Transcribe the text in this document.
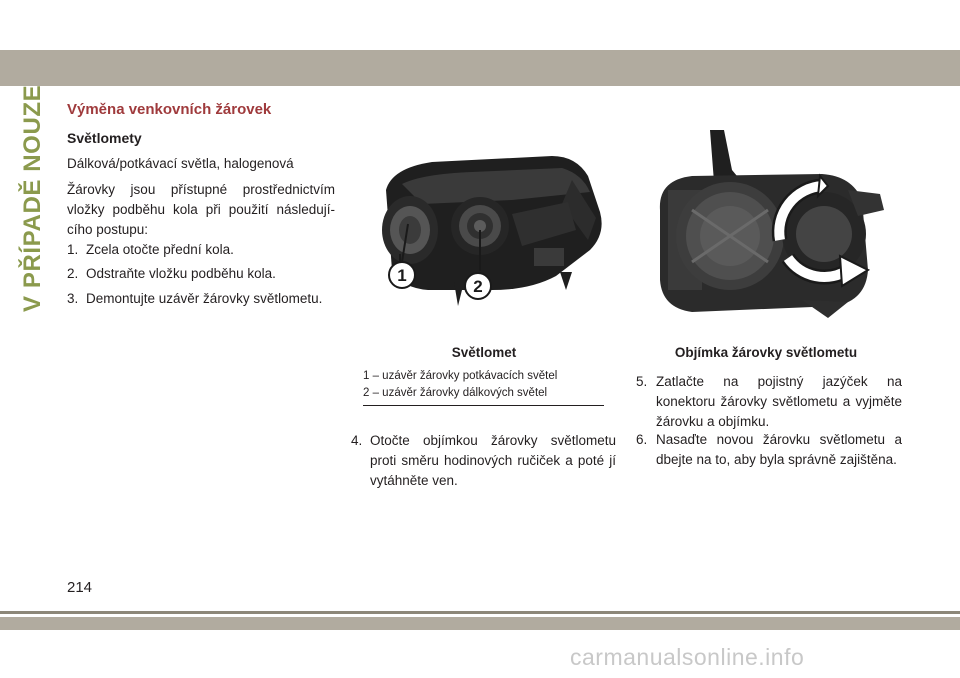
V PŘÍPADĚ NOUZE Výměna venkovních žárovek
Světlomety
Dálková/potkávací světla, halogenová
Žárovky jsou přístupné prostřednictvím vložky podběhu kola při použití následují-cího postupu:
1. Zcela otočte přední kola.
2. Odstraňte vložku podběhu kola.
3. Demontujte uzávěr žárovky světlometu.
1
2
Světlomet	Objímka žárovky světlometu
1 – uzávěr žárovky potkávacích světel
2 – uzávěr žárovky dálkových světel
4. Otočte objímkou žárovky světlometu proti směru hodinových ručiček a poté jí vytáhněte ven.
5. Zatlačte na pojistný jazýček na konektoru žárovky světlometu a vyjměte žárovku a objímku.
6. Nasaďte novou žárovku světlometu a dbejte na to, aby byla správně zajištěna.
214
carmanualsonline.info
